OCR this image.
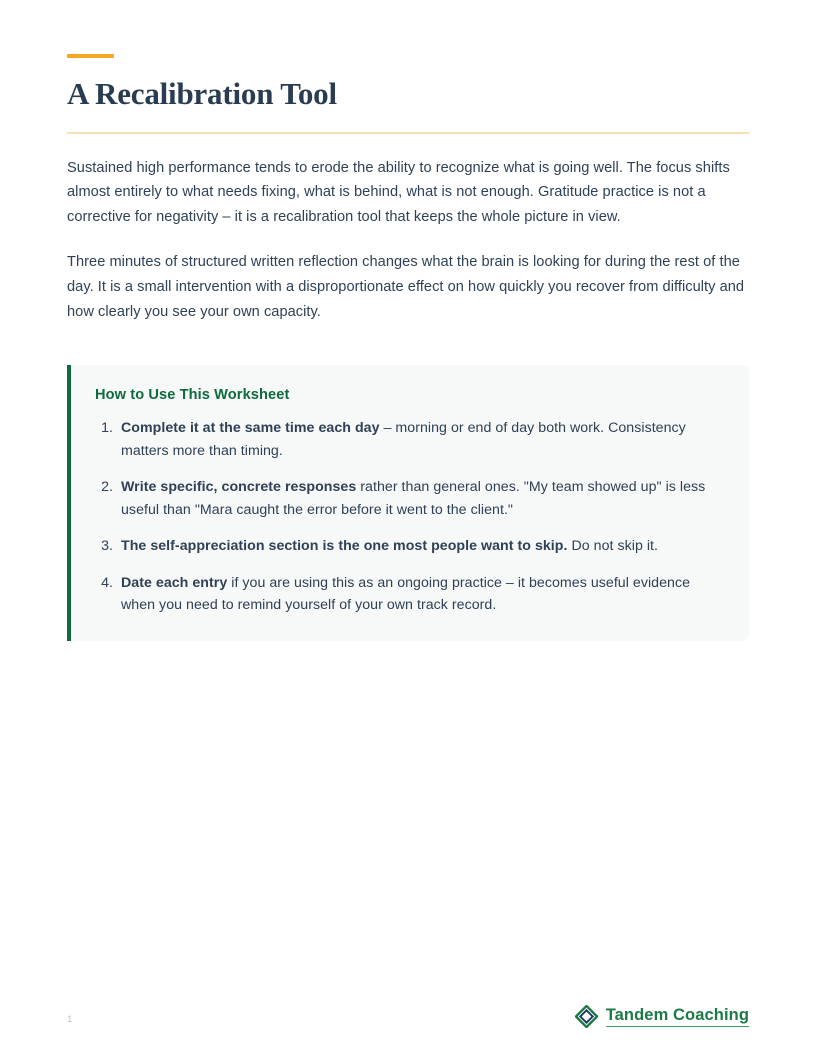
A Recalibration Tool

Sustained high performance tends to erode the ability to recognize what is going well. The focus shifts almost entirely to what needs fixing, what is behind, what is not enough. Gratitude practice is not a corrective for negativity – it is a recalibration tool that keeps the whole picture in view.

Three minutes of structured written reflection changes what the brain is looking for during the rest of the day. It is a small intervention with a disproportionate effect on how quickly you recover from difficulty and how clearly you see your own capacity.

How to Use This Worksheet
1. Complete it at the same time each day – morning or end of day both work. Consistency matters more than timing.
2. Write specific, concrete responses rather than general ones. "My team showed up" is less useful than "Mara caught the error before it went to the client."
3. The self-appreciation section is the one most people want to skip. Do not skip it.
4. Date each entry if you are using this as an ongoing practice – it becomes useful evidence when you need to remind yourself of your own track record.
1	Tandem Coaching
